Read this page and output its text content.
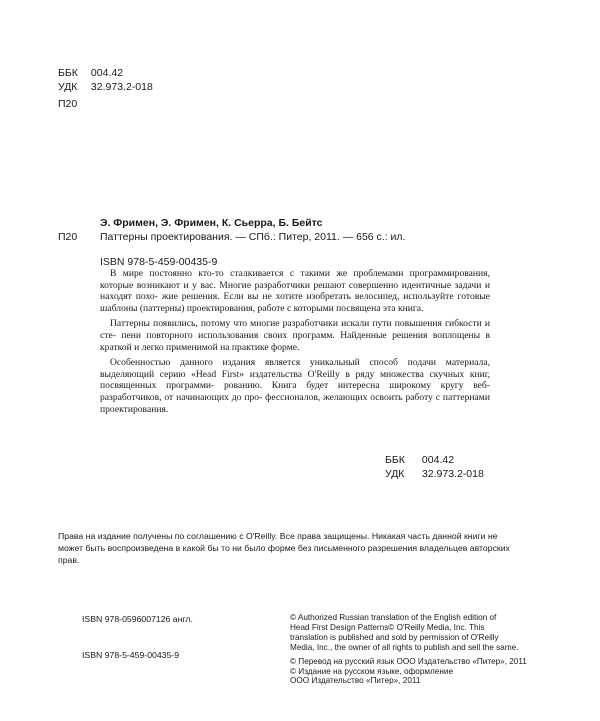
ББК 004.42
УДК 32.973.2-018
П20
Э. Фримен, Э. Фримен, К. Сьерра, Б. Бейтс
П20 Паттерны проектирования. — СПб.: Питер, 2011. — 656 с.: ил.
ISBN 978-5-459-00435-9

В мире постоянно кто-то сталкивается с такими же проблемами программирования, которые возникают и у вас. Многие разработчики решают совершенно идентичные задачи и находят похо- жие решения. Если вы не хотите изобретать велосипед, используйте готовые шаблоны (паттерны) проектирования, работе с которыми посвящена эта книга.

Паттерны появились, потому что многие разработчики искали пути повышения гибкости и сте- пени повторного использования своих программ. Найденные решения воплощены в краткой и легко применимой на практике форме.

Особенностью данного издания является уникальный способ подачи материала, выделяющий серию «Head First» издательства O'Reilly в ряду множества скучных книг, посвященных программи- рованию. Книга будет интересна широкому кругу веб-разработчиков, от начинающих до про- фессионалов, желающих освоить работу с паттернами проектирования.

ББК 004.42
УДК 32.973.2-018
Права на издание получены по соглашению с O'Reilly. Все права защищены. Никакая часть данной книги не
может быть воспроизведена в какой бы то ни было форме без письменного разрешения владельцев авторских
прав.
ISBN 978-0596007126 англ.
ISBN 978-5-459-00435-9
© Authorized Russian translation of the English edition of
Head First Design Patterns© O'Reilly Media, Inc. This
translation is published and sold by permission of O'Reilly
Media, Inc., the owner of all rights to publish and sell the same.
© Перевод на русский язык ООО Издательство «Питер», 2011
© Издание на русском языке, оформление
ООО Издательство «Питер», 2011
